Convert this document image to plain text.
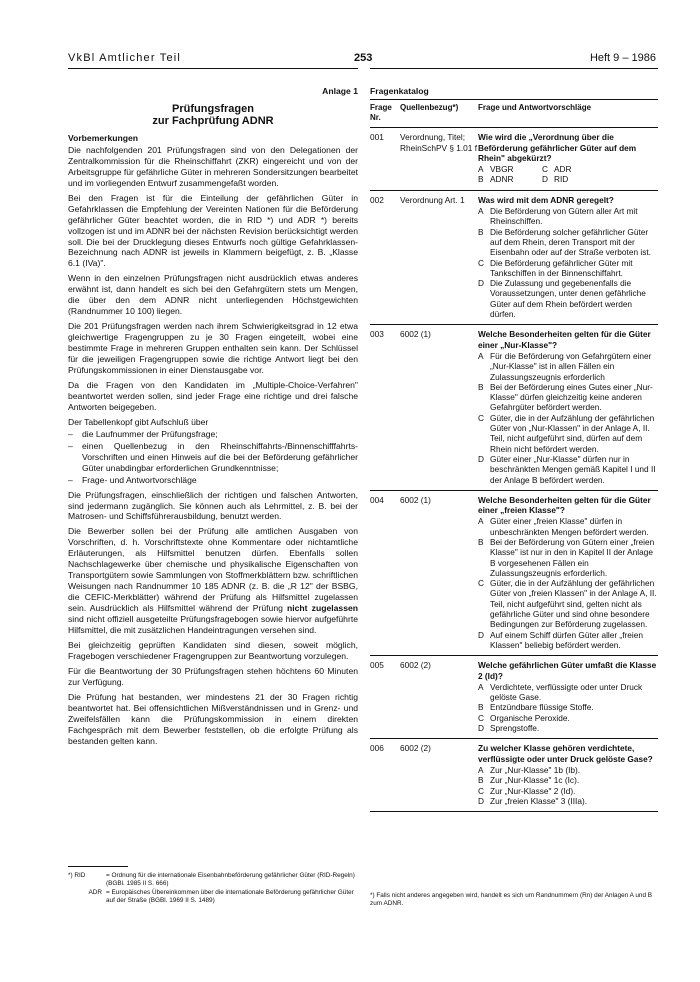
VkBl Amtlicher Teil	253	Heft 9 – 1986
Anlage 1
Prüfungsfragen
zur Fachprüfung ADNR
Vorbemerkungen

Die nachfolgenden 201 Prüfungsfragen sind von den Delegationen der Zentralkommission für die Rheinschiffahrt (ZKR) eingereicht und von der Arbeitsgruppe für gefährliche Güter in mehreren Sondersitzungen bearbeitet und im vorliegenden Entwurf zusammengefaßt worden.

Bei den Fragen ist für die Einteilung der gefährlichen Güter in Gefahrklassen die Empfehlung der Vereinten Nationen für die Beförderung gefährlicher Güter beachtet worden, die in RID *) und ADR *) bereits vollzogen ist und im ADNR bei der nächsten Revision berücksichtigt werden soll. Die bei der Drucklegung dieses Entwurfs noch gültige Gefahrklassen-Bezeichnung nach ADNR ist jeweils in Klammern beigefügt, z. B. „Klasse 6.1 (IVa)".

Wenn in den einzelnen Prüfungsfragen nicht ausdrücklich etwas anderes erwähnt ist, dann handelt es sich bei den Gefahrgütern stets um Mengen, die über den dem ADNR nicht unterliegenden Höchstgewichten (Randnummer 10 100) liegen.

Die 201 Prüfungsfragen werden nach ihrem Schwierigkeitsgrad in 12 etwa gleichwertige Fragengruppen zu je 30 Fragen eingeteilt, wobei eine bestimmte Frage in mehreren Gruppen enthalten sein kann. Der Schlüssel für die jeweiligen Fragengruppen sowie die richtige Antwort liegt bei den Prüfungskommissionen in einer Dienstausgabe vor.

Da die Fragen von den Kandidaten im „Multiple-Choice-Verfahren" beantwortet werden sollen, sind jeder Frage eine richtige und drei falsche Antworten beigegeben.

Der Tabellenkopf gibt Aufschluß über

–	die Laufnummer der Prüfungsfrage;
–	einen Quellenbezug in den Rheinschiffahrts-/Binnenschifffahrts-Vorschriften und einen Hinweis auf die bei der Beförderung gefährlicher Güter unabdingbar erforderlichen Grundkenntnisse;
–	Frage- und Antwortvorschläge

Die Prüfungsfragen, einschließlich der richtigen und falschen Antworten, sind jedermann zugänglich. Sie können auch als Lehrmittel, z. B. bei der Matrosen- und Schiffsführerausbildung, benutzt werden.

Die Bewerber sollen bei der Prüfung alle amtlichen Ausgaben von Vorschriften, d. h. Vorschriftstexte ohne Kommentare oder nichtamtliche Erläuterungen, als Hilfsmittel benutzen dürfen. Ebenfalls sollen Nachschlagewerke über chemische und physikalische Eigenschaften von Transportgütern sowie Sammlungen von Stoffmerkblättern bzw. schriftlichen Weisungen nach Randnummer 10 185 ADNR (z. B. die „R 12" der BSBG, die CEFIC-Merkblätter) während der Prüfung als Hilfsmittel zugelassen sein. Ausdrücklich als Hilfsmittel während der Prüfung nicht zugelassen sind nicht offiziell ausgeteilte Prüfungsfragebogen sowie hiervor aufgeführte Hilfsmittel, die mit zusätzlichen Handeintragungen versehen sind.

Bei gleichzeitig geprüften Kandidaten sind diesen, soweit möglich, Fragebogen verschiedener Fragengruppen zur Beantwortung vorzulegen.

Für die Beantwortung der 30 Prüfungsfragen stehen höchtens 60 Minuten zur Verfügung.

Die Prüfung hat bestanden, wer mindestens 21 der 30 Fragen richtig beantwortet hat. Bei offensichtlichen Mißverständnissen und in Grenz- und Zweifelsfällen kann die Prüfungskommission in einem direkten Fachgespräch mit dem Bewerber feststellen, ob die erfolgte Prüfung als bestanden gelten kann.

*) RID	= Ordnung für die internationale Eisenbahnbeförderung gefährlicher Güter (RID-Regeln) (BGBl. 1985 II S. 666)
ADR = Europäisches Übereinkommen über die internationale Beförderung gefährlicher Güter auf der Straße (BGBl. 1969 II S. 1489)
Fragenkatalog
Frage Nr.
Quellenbezug*)	Frage und Antwortvorschläge
001	Verordnung, Titel; RheinSchPV § 1.01 f
Wie wird die „Verordnung über die Beförderung gefährlicher Güter auf dem Rhein" abgekürzt?
A VBGR	C ADR
B ADNR	D RID
002	Verordnung Art. 1	Was wird mit dem ADNR geregelt?
A Die Beförderung von Gütern aller Art mit Rheinschiffen.
B Die Beförderung solcher gefährlicher Güter auf dem Rhein, deren Transport mit der Eisenbahn oder auf der Straße verboten ist.
C Die Beförderung gefährlicher Güter mit Tankschiffen in der Binnenschiffahrt.
D Die Zulassung und gegebenenfalls die Voraussetzungen, unter denen gefährliche Güter auf dem Rhein befördert werden dürfen.
003	6002 (1)	Welche Besonderheiten gelten für die Güter einer „Nur-Klasse"?
A Für die Beförderung von Gefahrgütern einer „Nur-Klasse" ist in allen Fällen ein Zulassungszeugnis erforderlich
B Bei der Beförderung eines Gutes einer „Nur-Klasse" dürfen gleichzeitig keine anderen Gefahrgüter befördert werden.
C Güter, die in der Aufzählung der gefährlichen Güter von „Nur-Klassen" in der Anlage A, II. Teil, nicht aufgeführt sind, dürfen auf dem Rhein nicht befördert werden.
D Güter einer „Nur-Klasse" dürfen nur in beschränkten Mengen gemäß Kapitel I und II der Anlage B befördert werden.
004	6002 (1)	Welche Besonderheiten gelten für die Güter einer „freien Klasse"?
A Güter einer „freien Klasse" dürfen in unbeschränkten Mengen befördert werden.
B Bei der Beförderung von Gütern einer „freien Klasse" ist nur in den in Kapitel II der Anlage B vorgesehenen Fällen ein Zulassungszeugnis erforderlich.
C Güter, die in der Aufzählung der gefährlichen Güter von „freien Klassen" in der Anlage A, II. Teil, nicht aufgeführt sind, gelten nicht als gefährliche Güter und sind ohne besondere Bedingungen zur Beförderung zugelassen.
D Auf einem Schiff dürfen Güter aller „freien Klassen" beliebig befördert werden.
005	6002 (2)	Welche gefährlichen Güter umfaßt die Klasse 2 (Id)?
A Verdichtete, verflüssigte oder unter Druck gelöste Gase.
B Entzündbare flüssige Stoffe.
C Organische Peroxide.
D Sprengstoffe.
006	6002 (2)	Zu welcher Klasse gehören verdichtete, verflüssigte oder unter Druck gelöste Gase?
A Zur „Nur-Klasse" 1b (Ib).
B Zur „Nur-Klasse" 1c (Ic).
C Zur „Nur-Klasse" 2 (Id).
D Zur „freien Klasse" 3 (IIIa).
*) Falls nicht anderes angegeben wird, handelt es sich um Randnummern (Rn) der Anlagen A und B zum ADNR.
